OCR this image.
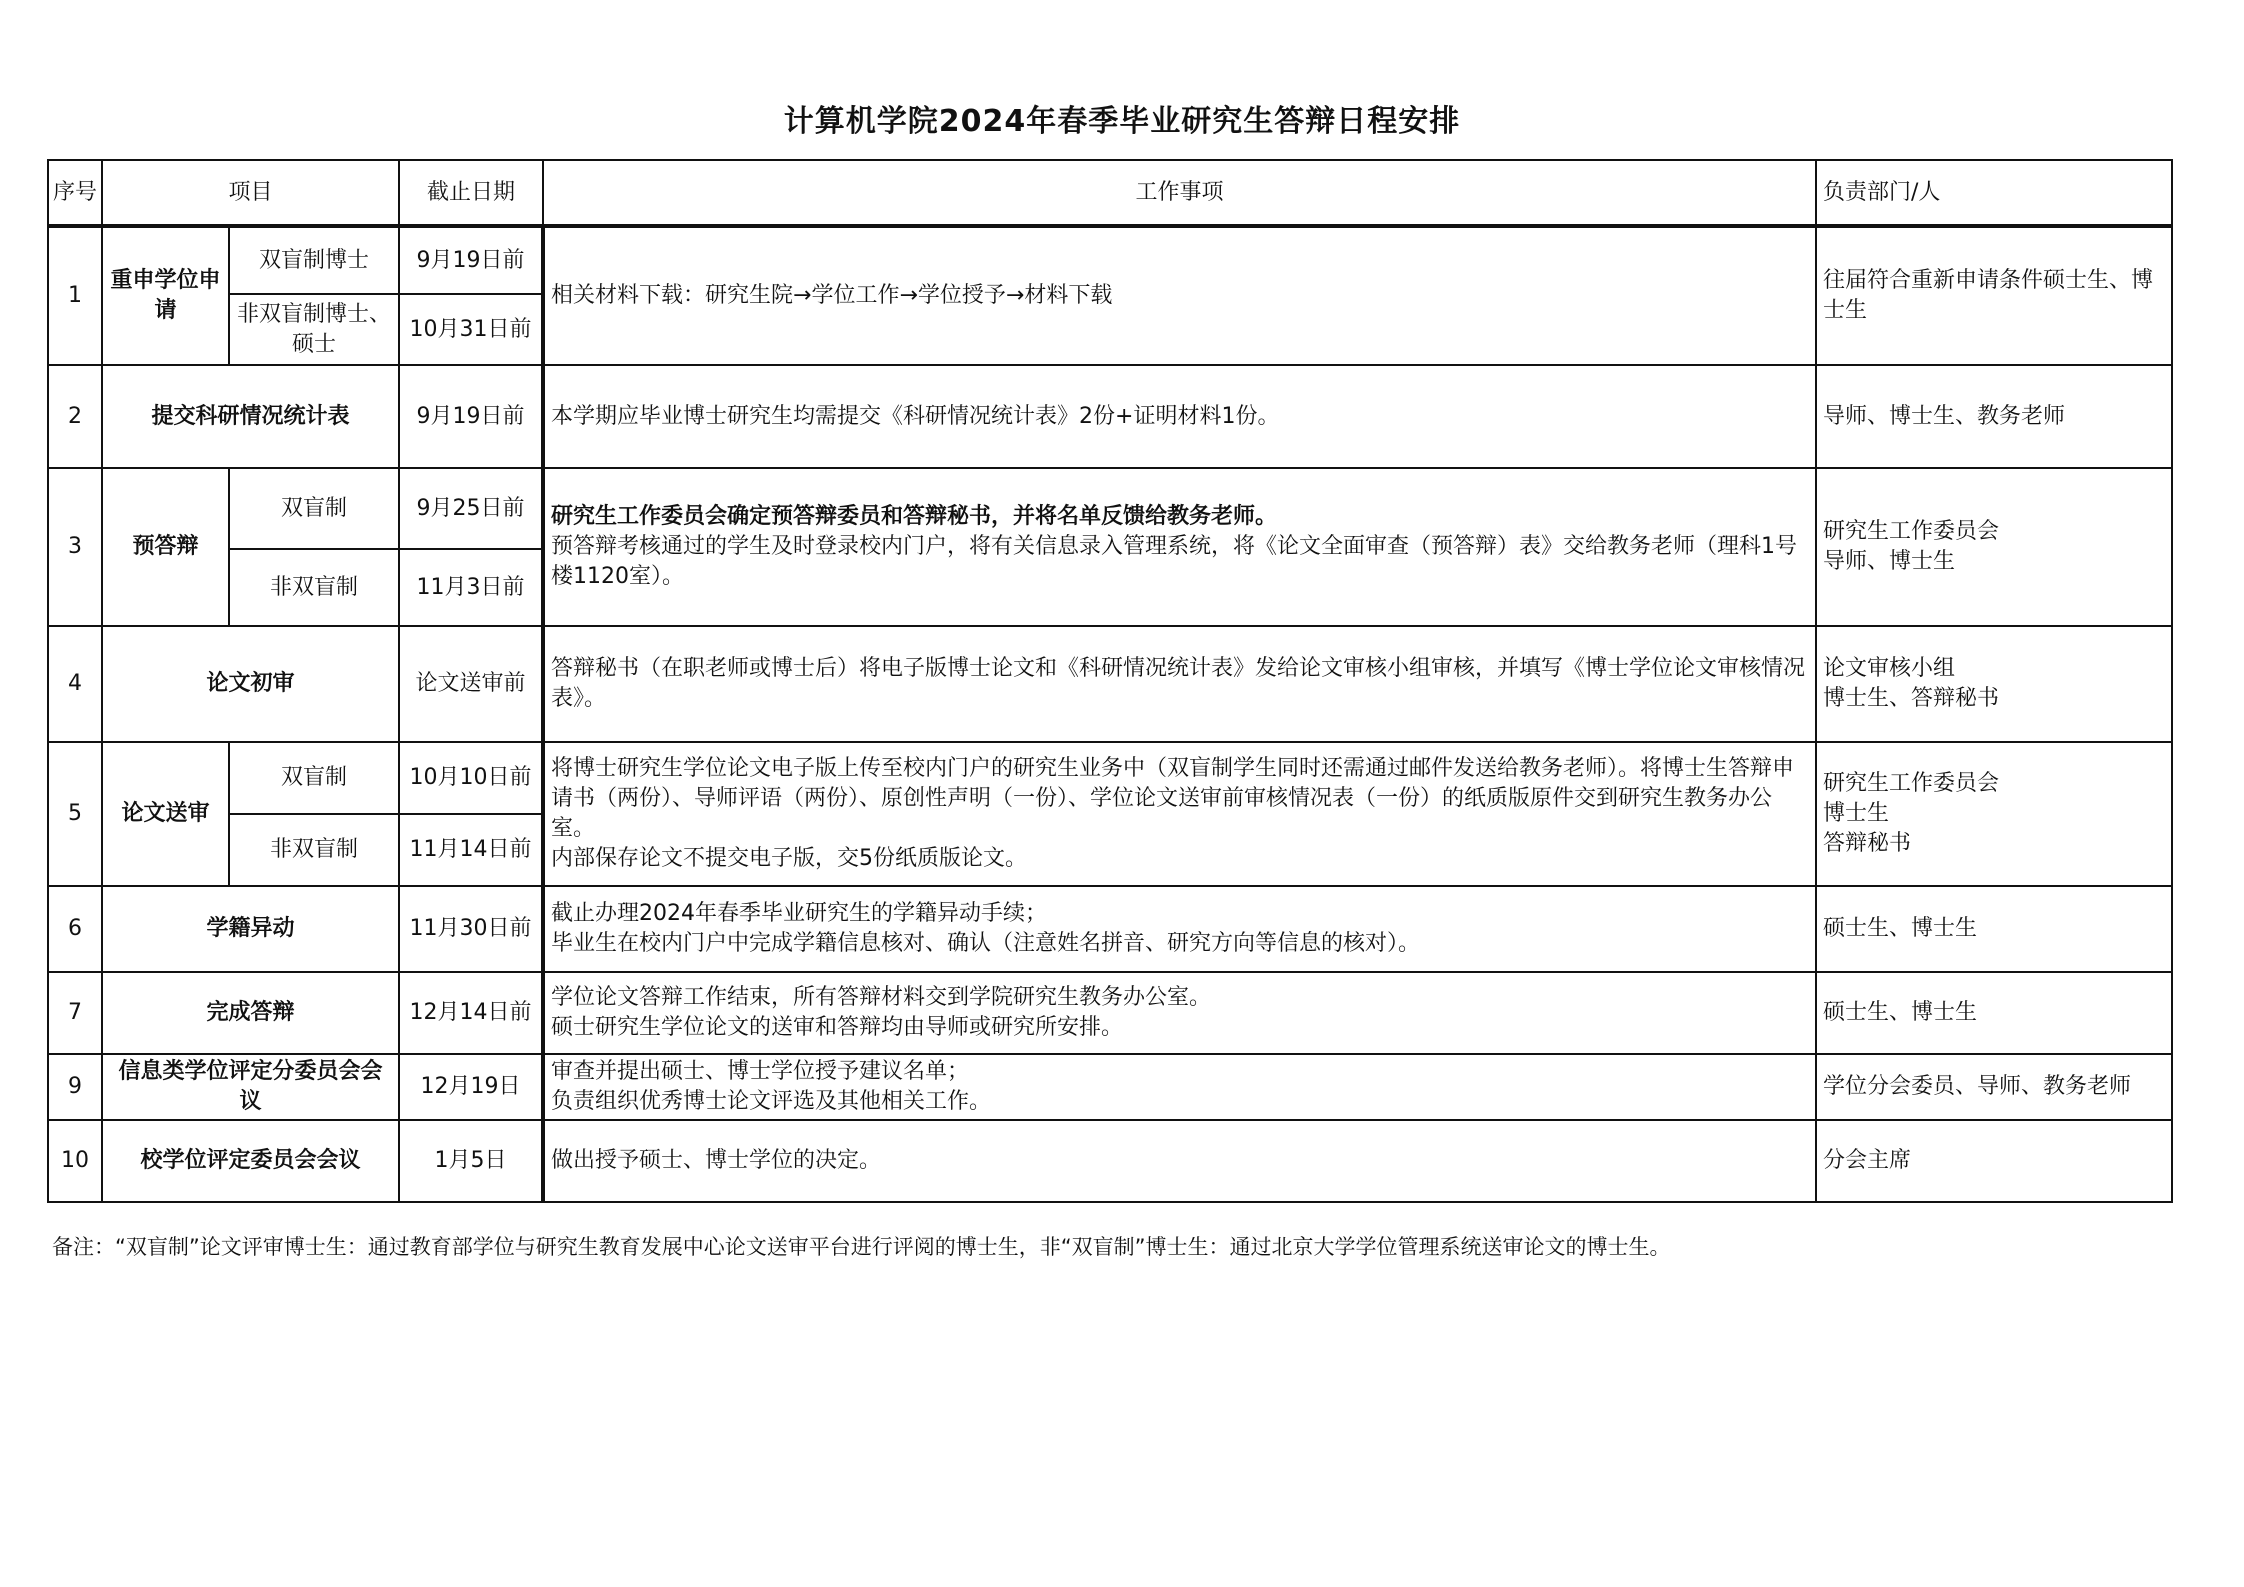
计算机学院2024年春季毕业研究生答辩日程安排
序号	项目		截止日期	工作事项	负责部门/人
1	重申学位申请	双盲制博士	9月19日前	相关材料下载：研究生院→学位工作→学位授予→材料下载	往届符合重新申请条件硕士生、博士生

		非双盲制博士、硕士	10月31日前		
2	提交科研情况统计表		9月19日前	本学期应毕业博士研究生均需提交《科研情况统计表》2份+证明材料1份。	导师、博士生、教务老师

3	预答辩	双盲制	9月25日前	研究生工作委员会确定预答辩委员和答辩秘书，并将名单反馈给教务老师。
预答辩考核通过的学生及时登录校内门户，将有关信息录入管理系统，将《论文全面审查（预答辩）表》交给教务老师（理科1号楼1120室）。	研究生工作委员会
导师、博士生

		非双盲制	11月3日前		
4	论文初审		论文送审前	答辩秘书（在职老师或博士后）将电子版博士论文和《科研情况统计表》发给论文审核小组审核，并填写《博士学位论文审核情况表》。	论文审核小组
博士生、答辩秘书

5	论文送审	双盲制	10月10日前	将博士研究生学位论文电子版上传至校内门户的研究生业务中（双盲制学生同时还需通过邮件发送给教务老师）。将博士生答辩申请书（两份）、导师评语（两份）、原创性声明（一份）、学位论文送审前审核情况表（一份）的纸质版原件交到研究生教务办公室。
内部保存论文不提交电子版，交5份纸质版论文。	研究生工作委员会
博士生
答辩秘书

		非双盲制	11月14日前		
6	学籍异动		11月30日前	截止办理2024年春季毕业研究生的学籍异动手续；
毕业生在校内门户中完成学籍信息核对、确认（注意姓名拼音、研究方向等信息的核对）。	硕士生、博士生

7	完成答辩		12月14日前	学位论文答辩工作结束，所有答辩材料交到学院研究生教务办公室。
硕士研究生学位论文的送审和答辩均由导师或研究所安排。	硕士生、博士生

9	信息类学位评定分委员会会议		12月19日	审查并提出硕士、博士学位授予建议名单；
负责组织优秀博士论文评选及其他相关工作。	学位分会委员、导师、教务老师

10	校学位评定委员会会议		1月5日	做出授予硕士、博士学位的决定。	分会主席
备注：“双盲制”论文评审博士生：通过教育部学位与研究生教育发展中心论文送审平台进行评阅的博士生，非“双盲制”博士生：通过北京大学学位管理系统送审论文的博士生。
